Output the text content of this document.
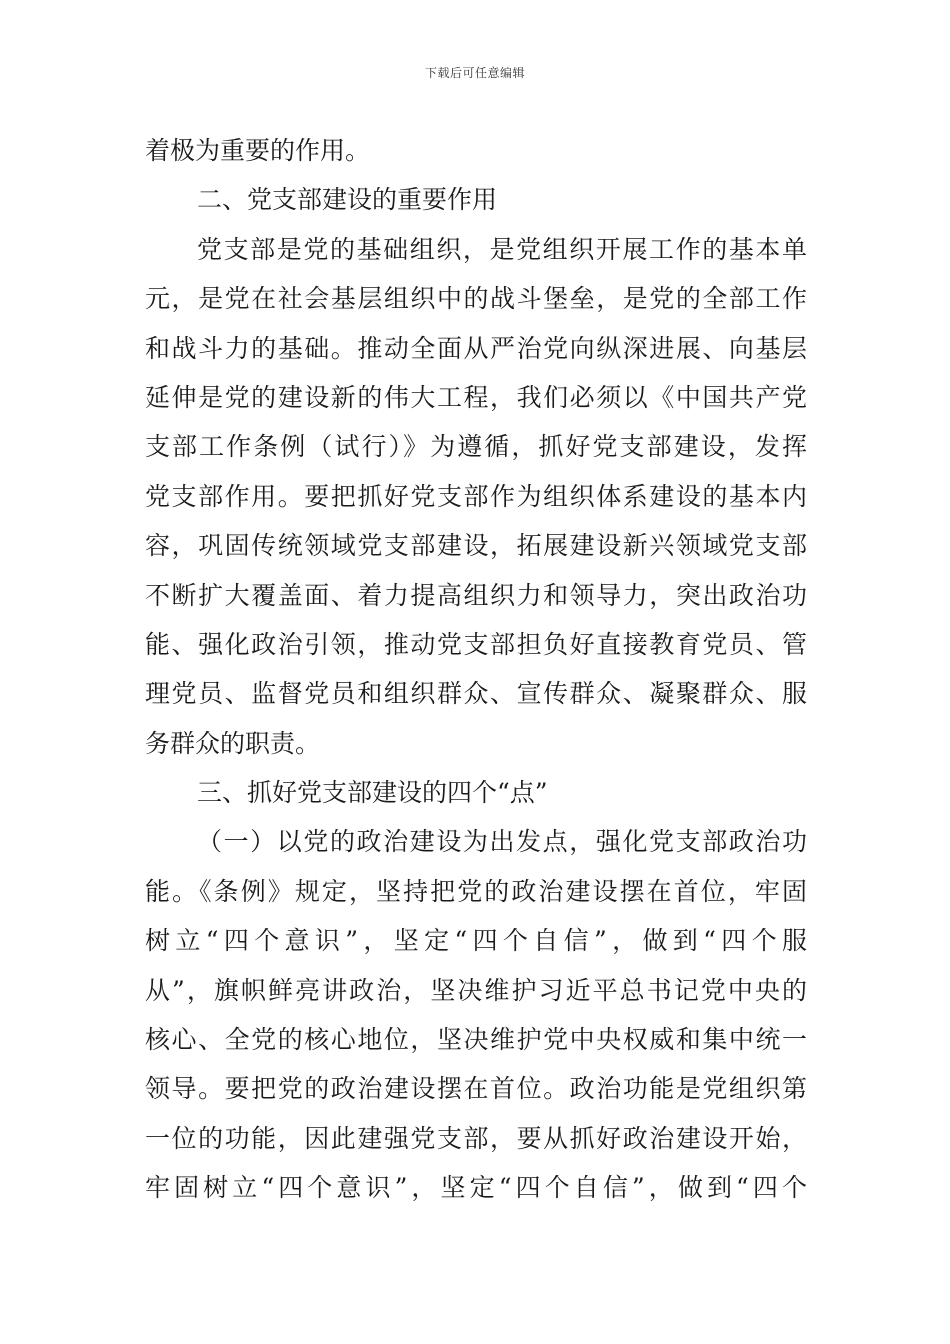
下载后可任意编辑
着极为重要的作用。
二、党支部建设的重要作用
党支部是党的基础组织，是党组织开展工作的基本单
元，是党在社会基层组织中的战斗堡垒，是党的全部工作
和战斗力的基础。推动全面从严治党向纵深进展、向基层
延伸是党的建设新的伟大工程，我们必须以《中国共产党
支部工作条例（试行）》为遵循，抓好党支部建设，发挥
党支部作用。要把抓好党支部作为组织体系建设的基本内
容，巩固传统领域党支部建设，拓展建设新兴领域党支部
不断扩大覆盖面、着力提高组织力和领导力，突出政治功
能、强化政治引领，推动党支部担负好直接教育党员、管
理党员、监督党员和组织群众、宣传群众、凝聚群众、服
务群众的职责。
三、抓好党支部建设的四个“点”
（一）以党的政治建设为出发点，强化党支部政治功
能。《条例》规定，坚持把党的政治建设摆在首位，牢固
树立“四个意识”，坚定“四个自信”，做到“四个服
从”，旗帜鲜亮讲政治，坚决维护习近平总书记党中央的
核心、全党的核心地位，坚决维护党中央权威和集中统一
领导。要把党的政治建设摆在首位。政治功能是党组织第
一位的功能，因此建强党支部，要从抓好政治建设开始，
牢固树立“四个意识”，坚定“四个自信”，做到“四个
